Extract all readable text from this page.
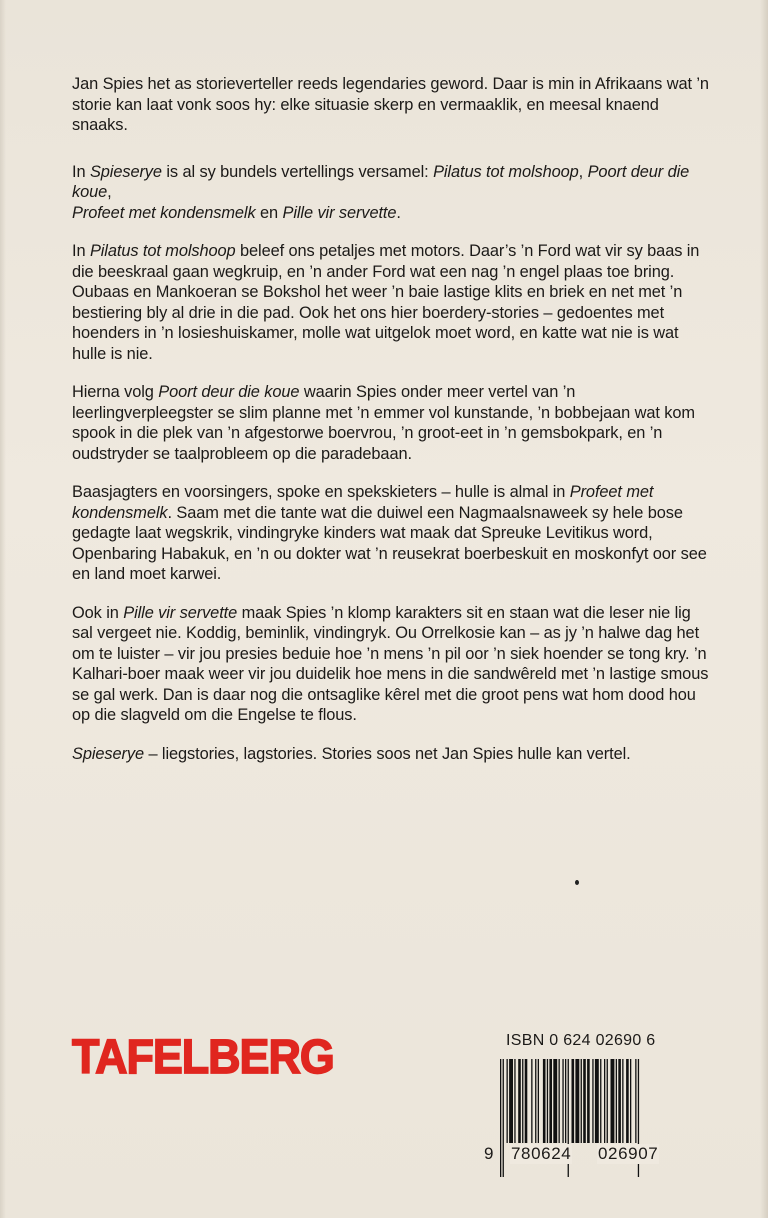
Jan Spies het as storieverteller reeds legendaries geword. Daar is min in Afrikaans wat ’n storie kan laat vonk soos hy: elke situasie skerp en vermaaklik, en meesal knaend snaaks.

In Spieserye is al sy bundels vertellings versamel: Pilatus tot molshoop, Poort deur die koue,
Profeet met kondensmelk en Pille vir servette.

In Pilatus tot molshoop beleef ons petaljes met motors. Daar’s ’n Ford wat vir sy baas in die beeskraal gaan wegkruip, en ’n ander Ford wat een nag ’n engel plaas toe bring. Oubaas en Mankoeran se Bokshol het weer ’n baie lastige klits en briek en net met ’n bestiering bly al drie in die pad. Ook het ons hier boerdery-stories – gedoentes met hoenders in ’n losieshuiskamer, molle wat uitgelok moet word, en katte wat nie is wat hulle is nie.

Hierna volg Poort deur die koue waarin Spies onder meer vertel van ’n leerlingverpleegster se slim planne met ’n emmer vol kunstande, ’n bobbejaan wat kom spook in die plek van ’n afgestorwe boervrou, ’n groot-eet in ’n gemsbokpark, en ’n oudstryder se taalprobleem op die paradebaan.

Baasjagters en voorsingers, spoke en spekskieters – hulle is almal in Profeet met kondensmelk. Saam met die tante wat die duiwel een Nagmaalsnaweek sy hele bose gedagte laat wegskrik, vindingryke kinders wat maak dat Spreuke Levitikus word, Openbaring Habakuk, en ’n ou dokter wat ’n reusekrat boerbeskuit en moskonfyt oor see en land moet karwei.

Ook in Pille vir servette maak Spies ’n klomp karakters sit en staan wat die leser nie lig sal vergeet nie. Koddig, beminlik, vindingryk. Ou Orrelkosie kan – as jy ’n halwe dag het om te luister – vir jou presies beduie hoe ’n mens ’n pil oor ’n siek hoender se tong kry. ’n Kalhari-boer maak weer vir jou duidelik hoe mens in die sandwêreld met ’n lastige smous se gal werk. Dan is daar nog die ontsaglike kêrel met die groot pens wat hom dood hou op die slagveld om die Engelse te flous.

Spieserye – liegstories, lagstories. Stories soos net Jan Spies hulle kan vertel.

TAFELBERG	ISBN 0 624 02690 6
9 780624 026907
